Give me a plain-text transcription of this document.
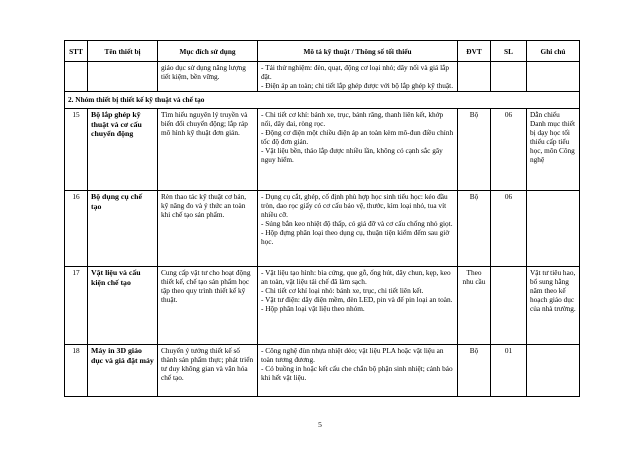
STT	Tên thiết bị	Mục đích sử dụng	Mô tả kỹ thuật / Thông số tối thiểu	ĐVT	SL	Ghi chú
		giáo dục sử dụng năng lượng tiết kiệm, bền vững.	- Tải thử nghiệm: đèn, quạt, động cơ loại nhỏ; dây nối và giá lắp đặt.
- Điện áp an toàn; chi tiết lắp ghép được với bộ lắp ghép kỹ thuật.			

2. Nhóm thiết bị thiết kế kỹ thuật và chế tạo						
15	Bộ lắp ghép kỹ thuật và cơ cấu chuyển động	Tìm hiểu nguyên lý truyền và biến đổi chuyển động; lắp ráp mô hình kỹ thuật đơn giản.	- Chi tiết cơ khí: bánh xe, trục, bánh răng, thanh liên kết, khớp nối, dây đai, ròng rọc.
- Động cơ điện một chiều điện áp an toàn kèm mô-đun điều chỉnh tốc độ đơn giản.
- Vật liệu bền, tháo lắp được nhiều lần, không có cạnh sắc gây nguy hiểm.	Bộ	06	Dẫn chiếu Danh mục thiết bị dạy học tối thiểu cấp tiểu học, môn Công nghệ
16	Bộ dụng cụ chế tạo	Rèn thao tác kỹ thuật cơ bản, kỹ năng đo và ý thức an toàn khi chế tạo sản phẩm.	- Dụng cụ cắt, ghép, cố định phù hợp học sinh tiểu học: kéo đầu tròn, dao rọc giấy có cơ cấu bảo vệ, thước, kìm loại nhỏ, tua vít nhiều cỡ.
- Súng bắn keo nhiệt độ thấp, có giá đỡ và cơ cấu chống nhỏ giọt.
- Hộp đựng phân loại theo dụng cụ, thuận tiện kiểm đếm sau giờ học.	Bộ	06	
17	Vật liệu và cấu kiện chế tạo	Cung cấp vật tư cho hoạt động thiết kế, chế tạo sản phẩm học tập theo quy trình thiết kế kỹ thuật.	- Vật liệu tạo hình: bìa cứng, que gỗ, ống hút, dây chun, kẹp, keo an toàn, vật liệu tái chế đã làm sạch.
- Chi tiết cơ khí loại nhỏ: bánh xe, trục, chi tiết liên kết.
- Vật tư điện: dây điện mềm, đèn LED, pin và đế pin loại an toàn.
- Hộp phân loại vật liệu theo nhóm.	Theo nhu cầu		Vật tư tiêu hao, bổ sung hằng năm theo kế hoạch giáo dục của nhà trường.
18	Máy in 3D giáo dục và giá đặt máy	Chuyển ý tưởng thiết kế số thành sản phẩm thực; phát triển tư duy không gian và văn hóa chế tạo.	- Công nghệ đùn nhựa nhiệt dẻo; vật liệu PLA hoặc vật liệu an toàn tương đương.
- Có buồng in hoặc kết cấu che chắn bộ phận sinh nhiệt; cảnh báo khi hết vật liệu.	Bộ	01	
5
